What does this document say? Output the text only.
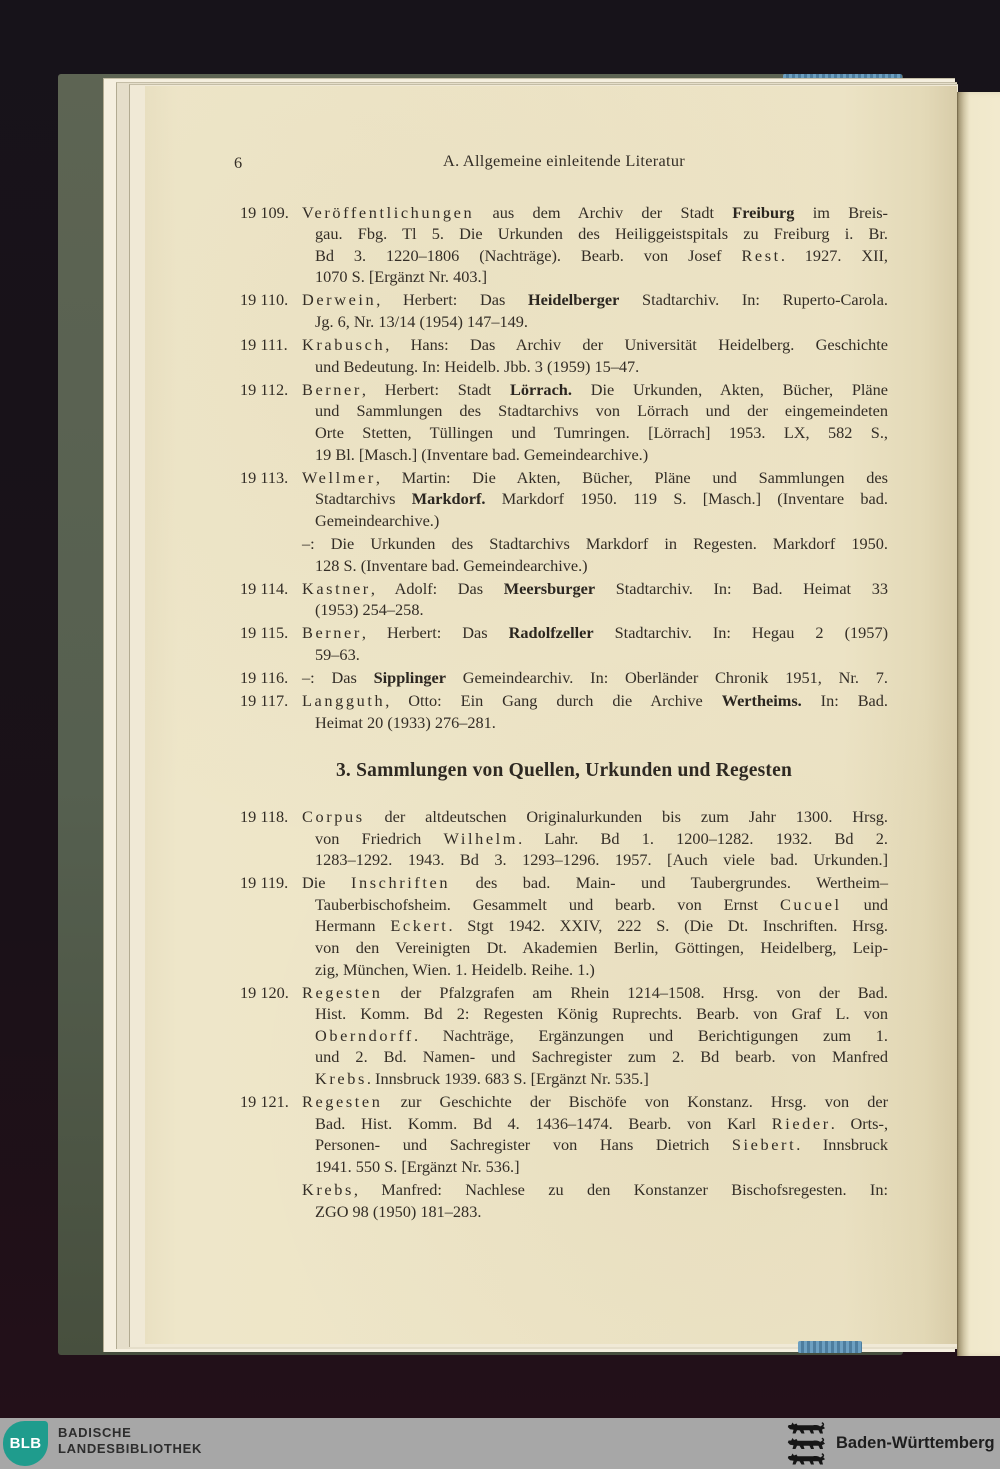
6	A. Allgemeine einleitende Literatur
19 109. Veröffentlichungen aus dem Archiv der Stadt Freiburg im Breis-
gau. Fbg. Tl 5. Die Urkunden des Heiliggeistspitals zu Freiburg i. Br.
Bd 3. 1220–1806 (Nachträge). Bearb. von Josef Rest. 1927. XII,
1070 S. [Ergänzt Nr. 403.]
19 110. Derwein, Herbert: Das Heidelberger Stadtarchiv. In: Ruperto-Carola.
Jg. 6, Nr. 13/14 (1954) 147–149.
19 111. Krabusch, Hans: Das Archiv der Universität Heidelberg. Geschichte
und Bedeutung. In: Heidelb. Jbb. 3 (1959) 15–47.
19 112. Berner, Herbert: Stadt Lörrach. Die Urkunden, Akten, Bücher, Pläne
und Sammlungen des Stadtarchivs von Lörrach und der eingemeindeten
Orte Stetten, Tüllingen und Tumringen. [Lörrach] 1953. LX, 582 S.,
19 Bl. [Masch.] (Inventare bad. Gemeindearchive.)
19 113. Wellmer, Martin: Die Akten, Bücher, Pläne und Sammlungen des
Stadtarchivs Markdorf. Markdorf 1950. 119 S. [Masch.] (Inventare bad.
Gemeindearchive.)
–: Die Urkunden des Stadtarchivs Markdorf in Regesten. Markdorf 1950.
128 S. (Inventare bad. Gemeindearchive.)
19 114. Kastner, Adolf: Das Meersburger Stadtarchiv. In: Bad. Heimat 33
(1953) 254–258.
19 115. Berner, Herbert: Das Radolfzeller Stadtarchiv. In: Hegau 2 (1957)
59–63.
19 116. –: Das Sipplinger Gemeindearchiv. In: Oberländer Chronik 1951, Nr. 7.
19 117. Langguth, Otto: Ein Gang durch die Archive Wertheims. In: Bad.
Heimat 20 (1933) 276–281.
3. Sammlungen von Quellen, Urkunden und Regesten
19 118. Corpus der altdeutschen Originalurkunden bis zum Jahr 1300. Hrsg.
von Friedrich Wilhelm. Lahr. Bd 1. 1200–1282. 1932. Bd 2.
1283–1292. 1943. Bd 3. 1293–1296. 1957. [Auch viele bad. Urkunden.]
19 119. Die Inschriften des bad. Main- und Taubergrundes. Wertheim–
Tauberbischofsheim. Gesammelt und bearb. von Ernst Cucuel und
Hermann Eckert. Stgt 1942. XXIV, 222 S. (Die Dt. Inschriften. Hrsg.
von den Vereinigten Dt. Akademien Berlin, Göttingen, Heidelberg, Leip-
zig, München, Wien. 1. Heidelb. Reihe. 1.)
19 120. Regesten der Pfalzgrafen am Rhein 1214–1508. Hrsg. von der Bad.
Hist. Komm. Bd 2: Regesten König Ruprechts. Bearb. von Graf L. von
Oberndorff. Nachträge, Ergänzungen und Berichtigungen zum 1.
und 2. Bd. Namen- und Sachregister zum 2. Bd bearb. von Manfred
Krebs. Innsbruck 1939. 683 S. [Ergänzt Nr. 535.]
19 121. Regesten zur Geschichte der Bischöfe von Konstanz. Hrsg. von der
Bad. Hist. Komm. Bd 4. 1436–1474. Bearb. von Karl Rieder. Orts-,
Personen- und Sachregister von Hans Dietrich Siebert. Innsbruck
1941. 550 S. [Ergänzt Nr. 536.]
Krebs, Manfred: Nachlese zu den Konstanzer Bischofsregesten. In:
ZGO 98 (1950) 181–283.
BLB
BADISCHE
LANDESBIBLIOTHEK	Baden-Württemberg
